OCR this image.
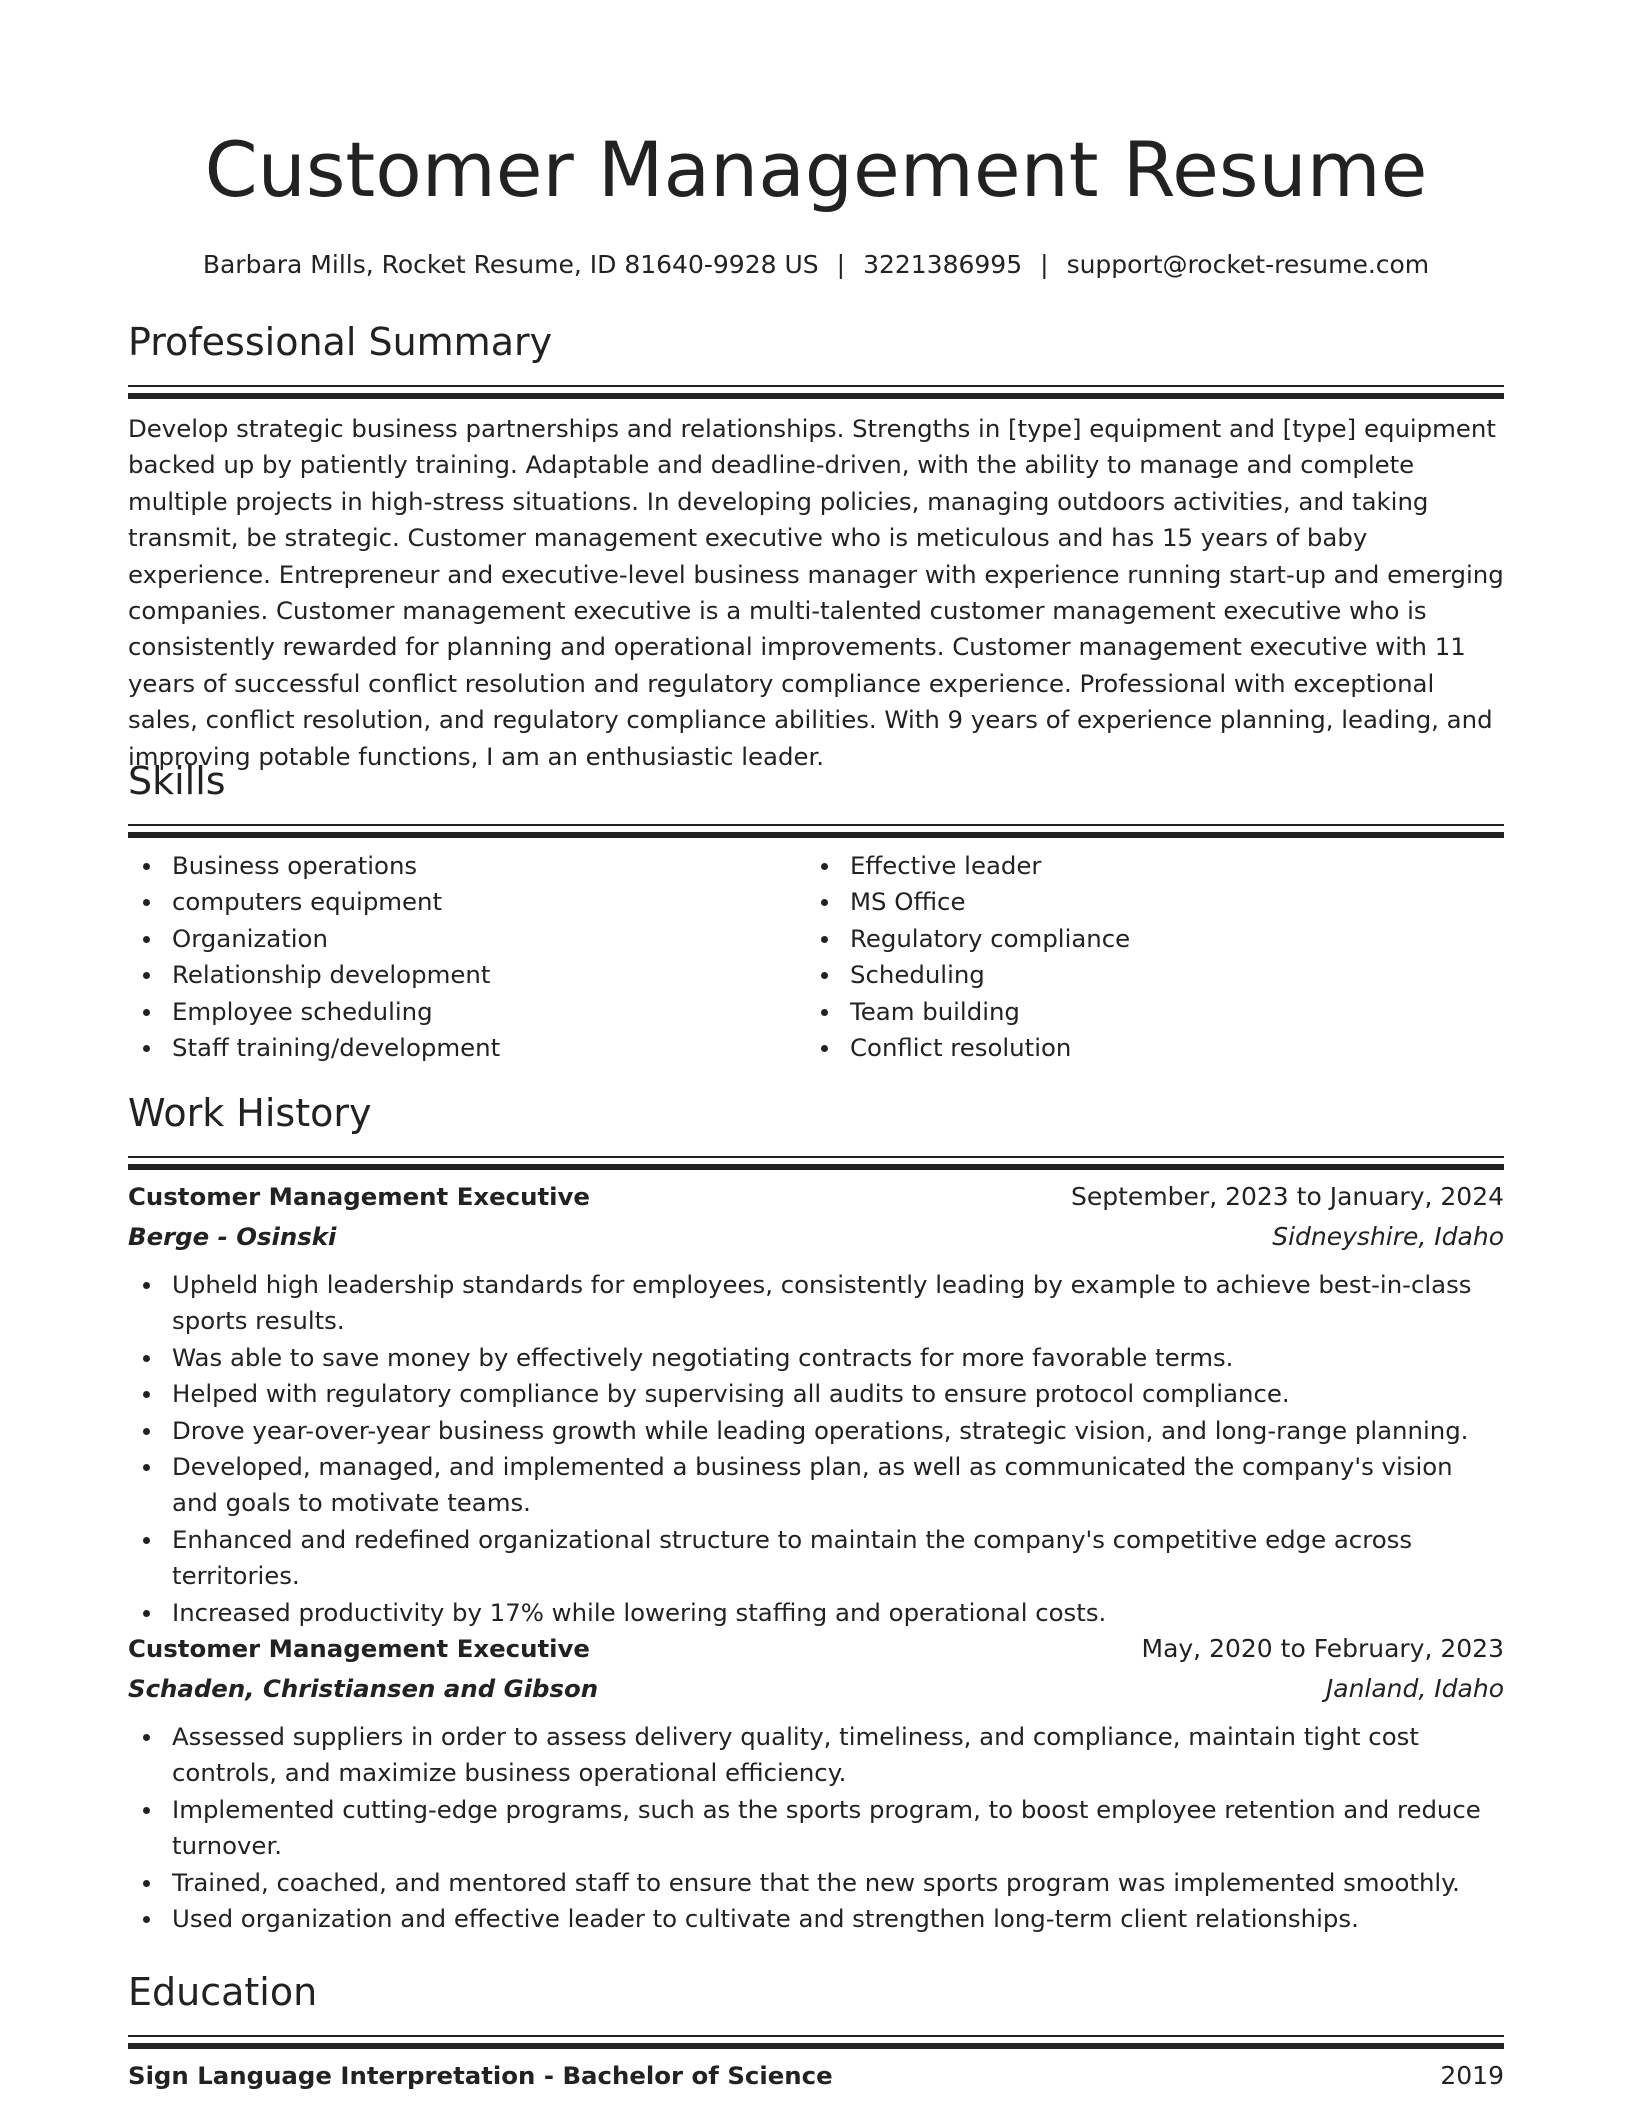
Customer Management Resume
Barbara Mills, Rocket Resume, ID 81640-9928 US | 3221386995 | support@rocket-resume.com
Professional Summary

Develop strategic business partnerships and relationships. Strengths in [type] equipment and [type] equipment backed up by patiently training. Adaptable and deadline-driven, with the ability to manage and complete multiple projects in high-stress situations. In developing policies, managing outdoors activities, and taking transmit, be strategic. Customer management executive who is meticulous and has 15 years of baby experience. Entrepreneur and executive-level business manager with experience running start-up and emerging companies. Customer management executive is a multi-talented customer management executive who is consistently rewarded for planning and operational improvements. Customer management executive with 11 years of successful conflict resolution and regulatory compliance experience. Professional with exceptional sales, conflict resolution, and regulatory compliance abilities. With 9 years of experience planning, leading, and improving potable functions, I am an enthusiastic leader.

Skills
Business operations
computers equipment
Organization
Relationship development
Employee scheduling
Staff training/development
Effective leader
MS Office
Regulatory compliance
Scheduling
Team building
Conflict resolution
Work History
Customer Management Executive	September, 2023 to January, 2024
Berge - Osinski	Sidneyshire, Idaho
Upheld high leadership standards for employees, consistently leading by example to achieve best-in-class sports results.
Was able to save money by effectively negotiating contracts for more favorable terms.
Helped with regulatory compliance by supervising all audits to ensure protocol compliance.
Drove year-over-year business growth while leading operations, strategic vision, and long-range planning.
Developed, managed, and implemented a business plan, as well as communicated the company's vision and goals to motivate teams.
Enhanced and redefined organizational structure to maintain the company's competitive edge across territories.
Increased productivity by 17% while lowering staffing and operational costs.
Customer Management Executive	May, 2020 to February, 2023
Schaden, Christiansen and Gibson	Janland, Idaho
Assessed suppliers in order to assess delivery quality, timeliness, and compliance, maintain tight cost controls, and maximize business operational efficiency.
Implemented cutting-edge programs, such as the sports program, to boost employee retention and reduce turnover.
Trained, coached, and mentored staff to ensure that the new sports program was implemented smoothly.
Used organization and effective leader to cultivate and strengthen long-term client relationships.
Education
Sign Language Interpretation - Bachelor of Science	2019
